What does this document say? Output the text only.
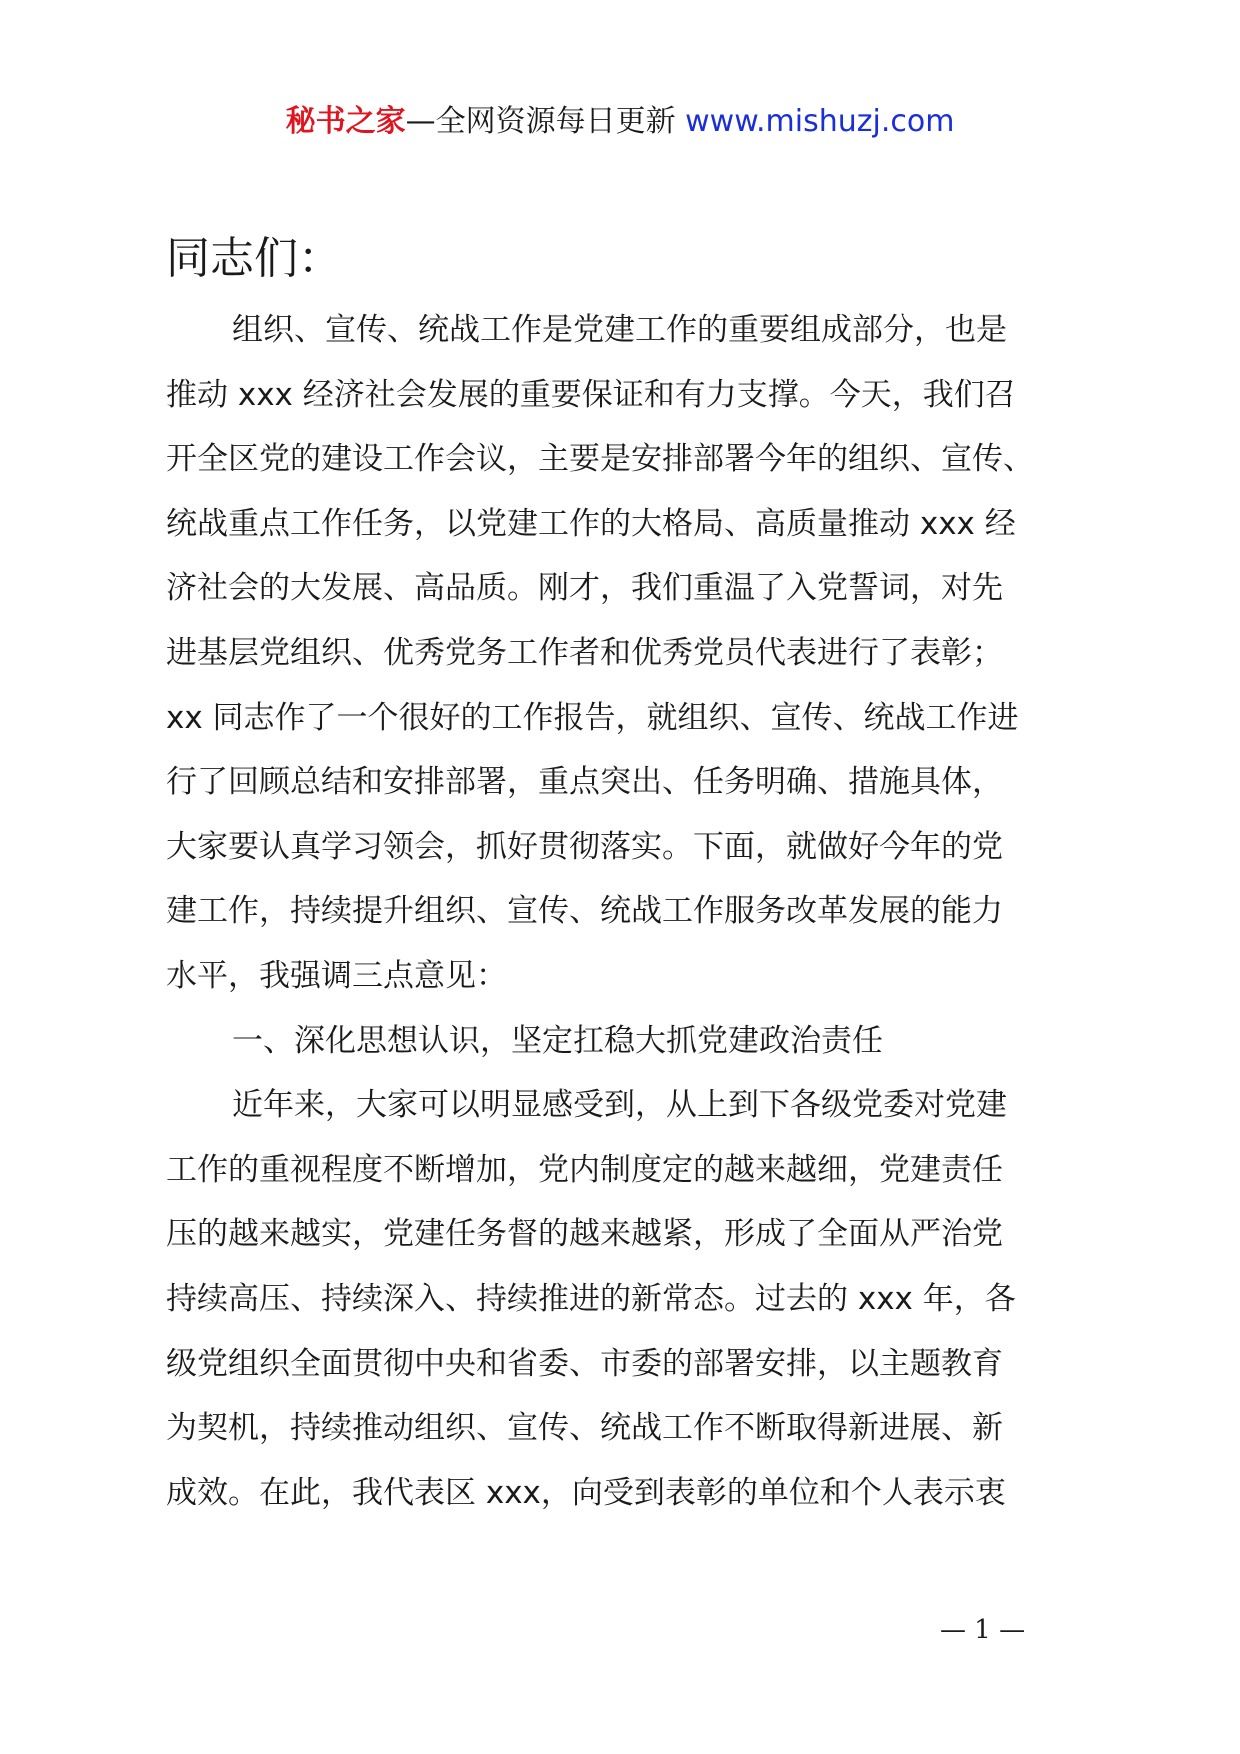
秘书之家—全网资源每日更新 www.mishuzj.com
同志们：
组织、宣传、统战工作是党建工作的重要组成部分，也是
推动 xxx 经济社会发展的重要保证和有力支撑。今天，我们召
开全区党的建设工作会议，主要是安排部署今年的组织、宣传、
统战重点工作任务，以党建工作的大格局、高质量推动 xxx 经
济社会的大发展、高品质。刚才，我们重温了入党誓词，对先
进基层党组织、优秀党务工作者和优秀党员代表进行了表彰；
xx 同志作了一个很好的工作报告，就组织、宣传、统战工作进
行了回顾总结和安排部署，重点突出、任务明确、措施具体，
大家要认真学习领会，抓好贯彻落实。下面，就做好今年的党
建工作，持续提升组织、宣传、统战工作服务改革发展的能力
水平，我强调三点意见：
一、深化思想认识，坚定扛稳大抓党建政治责任
近年来，大家可以明显感受到，从上到下各级党委对党建
工作的重视程度不断增加，党内制度定的越来越细，党建责任
压的越来越实，党建任务督的越来越紧，形成了全面从严治党
持续高压、持续深入、持续推进的新常态。过去的 xxx 年，各
级党组织全面贯彻中央和省委、市委的部署安排，以主题教育
为契机，持续推动组织、宣传、统战工作不断取得新进展、新
成效。在此，我代表区 xxx，向受到表彰的单位和个人表示衷
— 1 —
